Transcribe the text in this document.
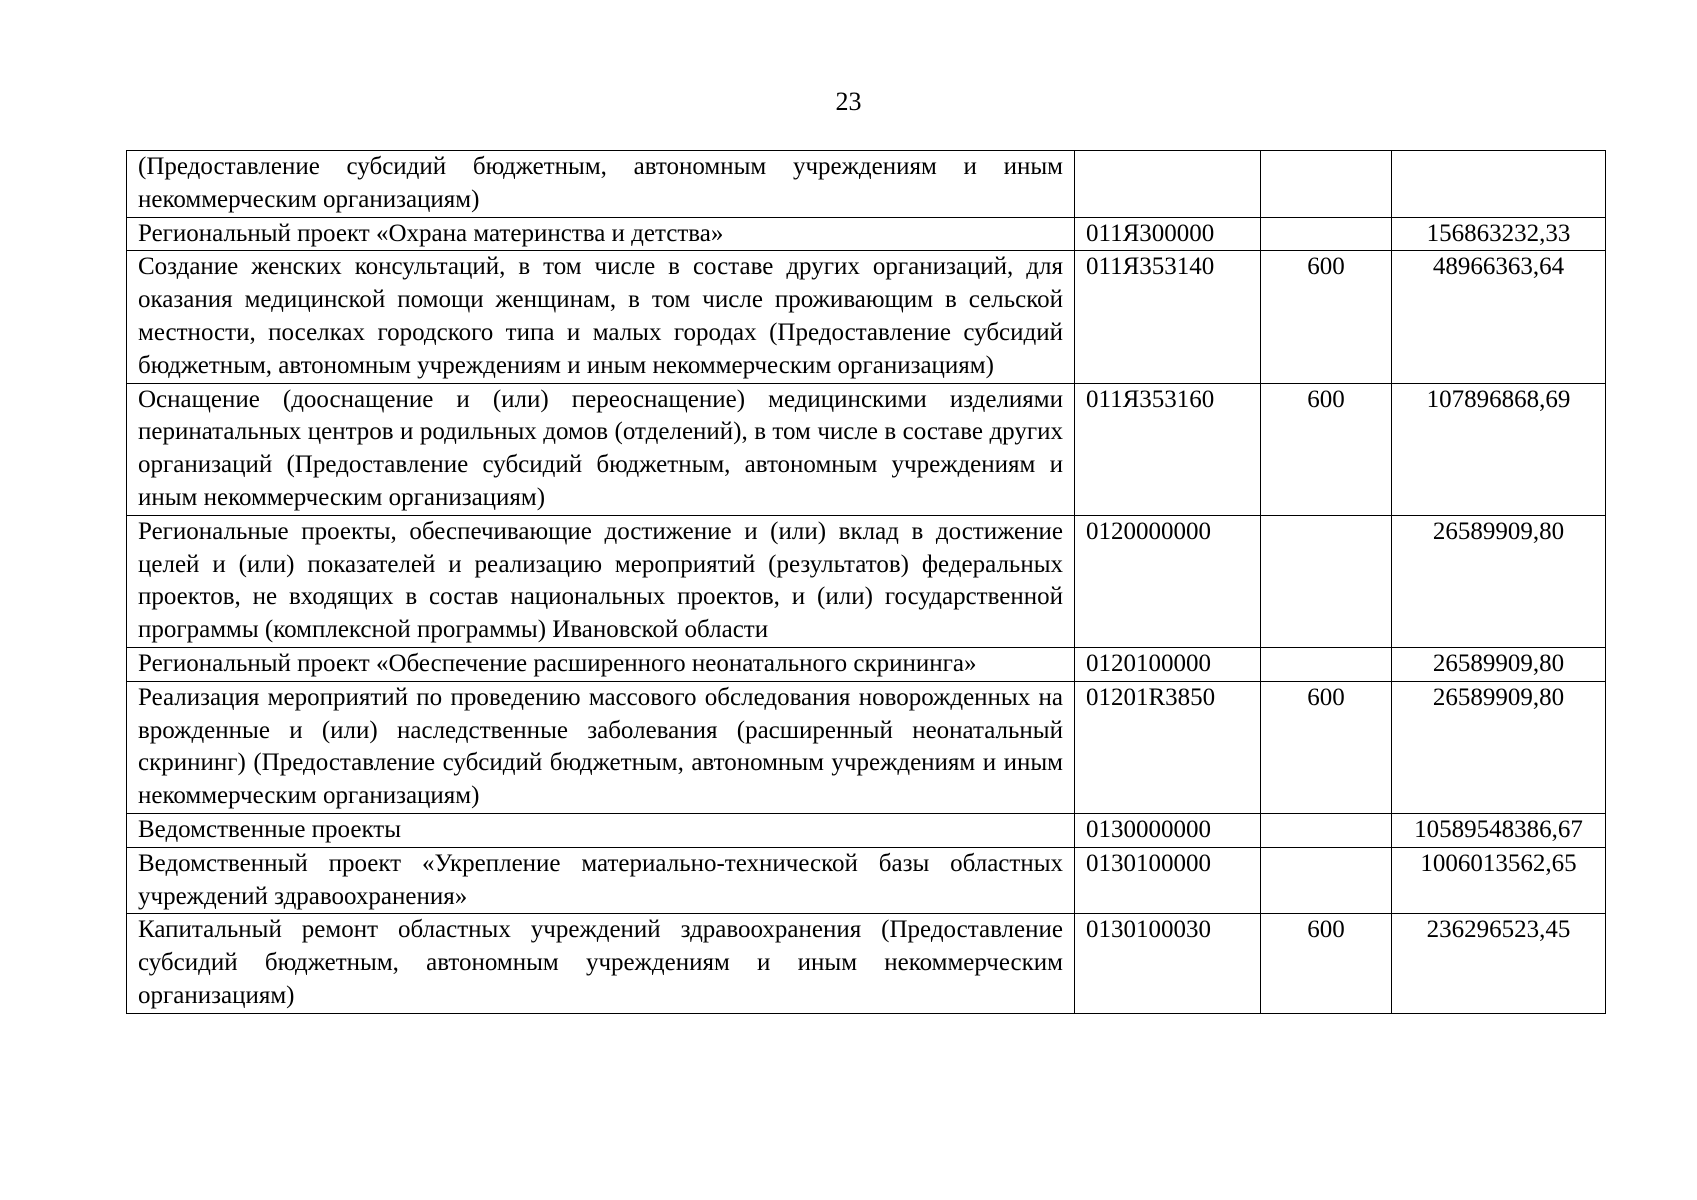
23
(Предоставление субсидий бюджетным, автономным учреждениям и иным некоммерческим организациям)			
Региональный проект «Охрана материнства и детства»	011Я300000		156863232,33
Создание женских консультаций, в том числе в составе других организаций, для оказания медицинской помощи женщинам, в том числе проживающим в сельской местности, поселках городского типа и малых городах (Предоставление субсидий бюджетным, автономным учреждениям и иным некоммерческим организациям)	011Я353140	600	48966363,64
Оснащение (дооснащение и (или) переоснащение) медицинскими изделиями перинатальных центров и родильных домов (отделений), в том числе в составе других организаций (Предоставление субсидий бюджетным, автономным учреждениям и иным некоммерческим организациям)	011Я353160	600	107896868,69
Региональные проекты, обеспечивающие достижение и (или) вклад в достижение целей и (или) показателей и реализацию мероприятий (результатов) федеральных проектов, не входящих в состав национальных проектов, и (или) государственной программы (комплексной программы) Ивановской области	0120000000		26589909,80
Региональный проект «Обеспечение расширенного неонатального скрининга»	0120100000		26589909,80
Реализация мероприятий по проведению массового обследования новорожденных на врожденные и (или) наследственные заболевания (расширенный неонатальный скрининг) (Предоставление субсидий бюджетным, автономным учреждениям и иным некоммерческим организациям)	01201R3850	600	26589909,80
Ведомственные проекты	0130000000		10589548386,67
Ведомственный проект «Укрепление материально-технической базы областных учреждений здравоохранения»	0130100000		1006013562,65
Капитальный ремонт областных учреждений здравоохранения (Предоставление субсидий бюджетным, автономным учреждениям и иным некоммерческим организациям)	0130100030	600	236296523,45
